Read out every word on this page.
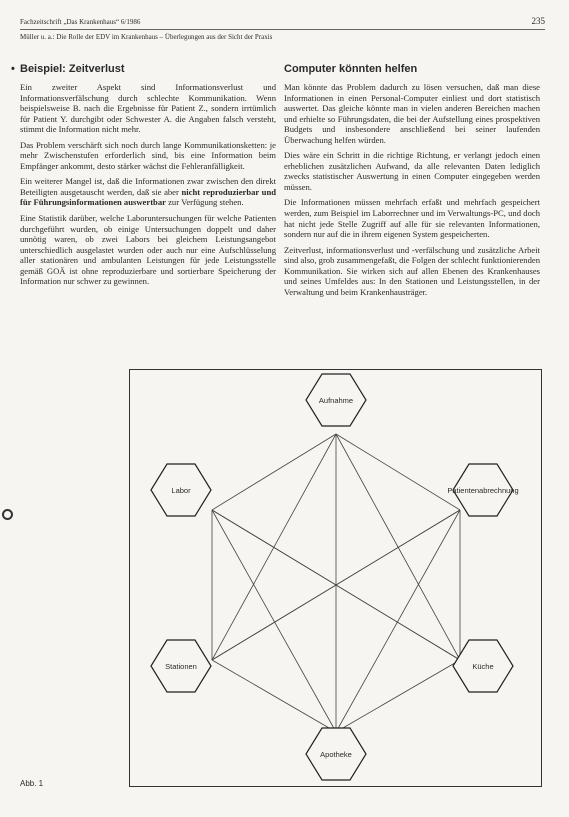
Fachzeitschrift „Das Krankenhaus“ 6/1986	235
Müller u. a.: Die Rolle der EDV im Krankenhaus – Überlegungen aus der Sicht der Praxis
• Beispiel: Zeitverlust

Ein zweiter Aspekt sind Informationsverlust und Informationsverfälschung durch schlechte Kommunikation. Wenn beispielsweise B. nach die Ergebnisse für Patient Z., sondern irrtümlich für Patient Y. durchgibt oder Schwester A. die Angaben falsch versteht, stimmt die Information nicht mehr.

Das Problem verschärft sich noch durch lange Kommunikationsketten: je mehr Zwischenstufen erforderlich sind, bis eine Information beim Empfänger ankommt, desto stärker wächst die Fehleranfälligkeit.

Ein weiterer Mangel ist, daß die Informationen zwar zwischen den direkt Beteiligten ausgetauscht werden, daß sie aber nicht reproduzierbar und für Führungsinformationen auswertbar zur Verfügung stehen.

Eine Statistik darüber, welche Laboruntersuchungen für welche Patienten durchgeführt wurden, ob einige Untersuchungen doppelt und daher unnötig waren, ob zwei Labors bei gleichem Leistungsangebot unterschiedlich ausgelastet wurden oder auch nur eine Aufschlüsselung aller stationären und ambulanten Leistungen für jede Leistungsstelle gemäß GOÄ ist ohne reproduzierbare und sortierbare Speicherung der Information nur schwer zu gewinnen.

Computer könnten helfen

Man könnte das Problem dadurch zu lösen versuchen, daß man diese Informationen in einen Personal-Computer einliest und dort statistisch auswertet. Das gleiche könnte man in vielen anderen Bereichen machen und erhielte so Führungsdaten, die bei der Aufstellung eines prospektiven Budgets und insbesondere anschließend bei seiner laufenden Überwachung helfen würden.

Dies wäre ein Schritt in die richtige Richtung, er verlangt jedoch einen erheblichen zusätzlichen Aufwand, da alle relevanten Daten lediglich zwecks statistischer Auswertung in einen Computer eingegeben werden müssen.

Die Informationen müssen mehrfach erfaßt und mehrfach gespeichert werden, zum Beispiel im Laborrechner und im Verwaltungs-PC, und doch hat nicht jede Stelle Zugriff auf alle für sie relevanten Informationen, sondern nur auf die in ihrem eigenen System gespeicherten.

Zeitverlust, informationsverlust und -verfälschung und zusätzliche Arbeit sind also, grob zusammengefaßt, die Folgen der schlecht funktionierenden Kommunikation. Sie wirken sich auf allen Ebenen des Krankenhauses und seines Umfeldes aus: In den Stationen und Leistungsstellen, in der Verwaltung und beim Krankenhausträger.

Aufnahme
Patientenabrechnung
Küche
Apotheke
Stationen
Labor
Abb. 1
